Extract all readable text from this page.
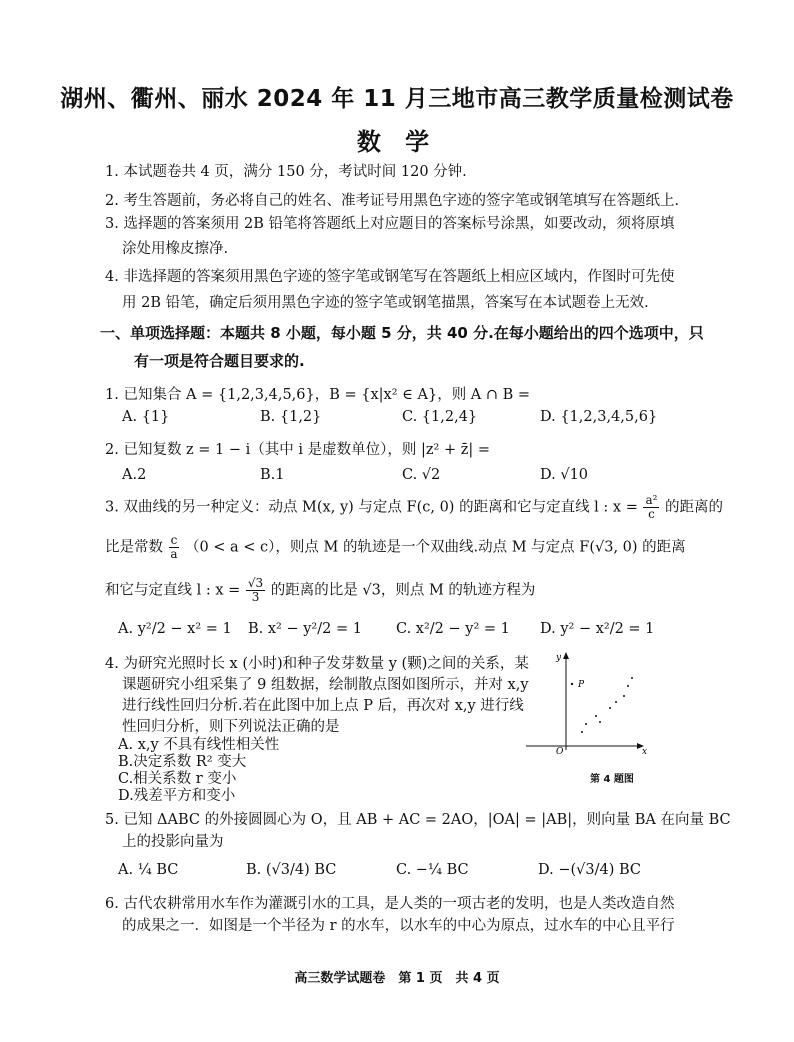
湖州、衢州、丽水 2024 年 11 月三地市高三教学质量检测试卷
数 学
1. 本试题卷共 4 页，满分 150 分，考试时间 120 分钟.
2. 考生答题前，务必将自己的姓名、准考证号用黑色字迹的签字笔或钢笔填写在答题纸上.
3. 选择题的答案须用 2B 铅笔将答题纸上对应题目的答案标号涂黑，如要改动，须将原填
涂处用橡皮擦净.
4. 非选择题的答案须用黑色字迹的签字笔或钢笔写在答题纸上相应区域内，作图时可先使
用 2B 铅笔，确定后须用黑色字迹的签字笔或钢笔描黑，答案写在本试题卷上无效.
一、单项选择题：本题共 8 小题，每小题 5 分，共 40 分.在每小题给出的四个选项中，只
有一项是符合题目要求的.
1. 已知集合 A = {1,2,3,4,5,6}，B = {x|x² ∈ A}，则 A ∩ B =
A. {1}	B. {1,2}	C. {1,2,4}	D. {1,2,3,4,5,6}
2. 已知复数 z = 1 − i（其中 i 是虚数单位），则 |z² + z̄| =
A.2	B.1	C. √2	D. √10
3. 双曲线的另一种定义：动点 M(x, y) 与定点 F(c, 0) 的距离和它与定直线 l : $x = \frac{\text{a²}}{c}$ 的距离的
比是常数 $\frac{c}{a} (0 < a < c)$，则点 M 的轨迹是一个双曲线.动点 M 与定点 F(√3, 0) 的距离
和它与定直线 l : $x = \frac{√3}{3}$ 的距离的比是 √3，则点 M 的轨迹方程为
A. y²/2 − x² = 1 B. x² − y²/2 = 1 C. x²/2 − y² = 1 D. y² − x²/2 = 1
4. 为研究光照时长 x (小时)和种子发芽数量 y (颗)之间的关系，某
课题研究小组采集了 9 组数据，绘制散点图如图所示，并对 x,y
进行线性回归分析.若在此图中加上点 P 后，再次对 x,y 进行线
性回归分析，则下列说法正确的是
A. x,y 不具有线性相关性
B.决定系数 R² 变大
C.相关系数 r 变小
D.残差平方和变小
y
x
O
P
第 4 题图
5. 已知 ΔABC 的外接圆圆心为 O，且 AB + AC = 2AO，|OA| = |AB|，则向量 BA 在向量 BC
上的投影向量为
A. ¼ BC	B. (√3/4) BC	C. −¼ BC	D. −(√3/4) BC
6. 古代农耕常用水车作为灌溉引水的工具，是人类的一项古老的发明，也是人类改造自然
的成果之一．如图是一个半径为 r 的水车，以水车的中心为原点，过水车的中心且平行
高三数学试题卷　第 1 页　共 4 页
